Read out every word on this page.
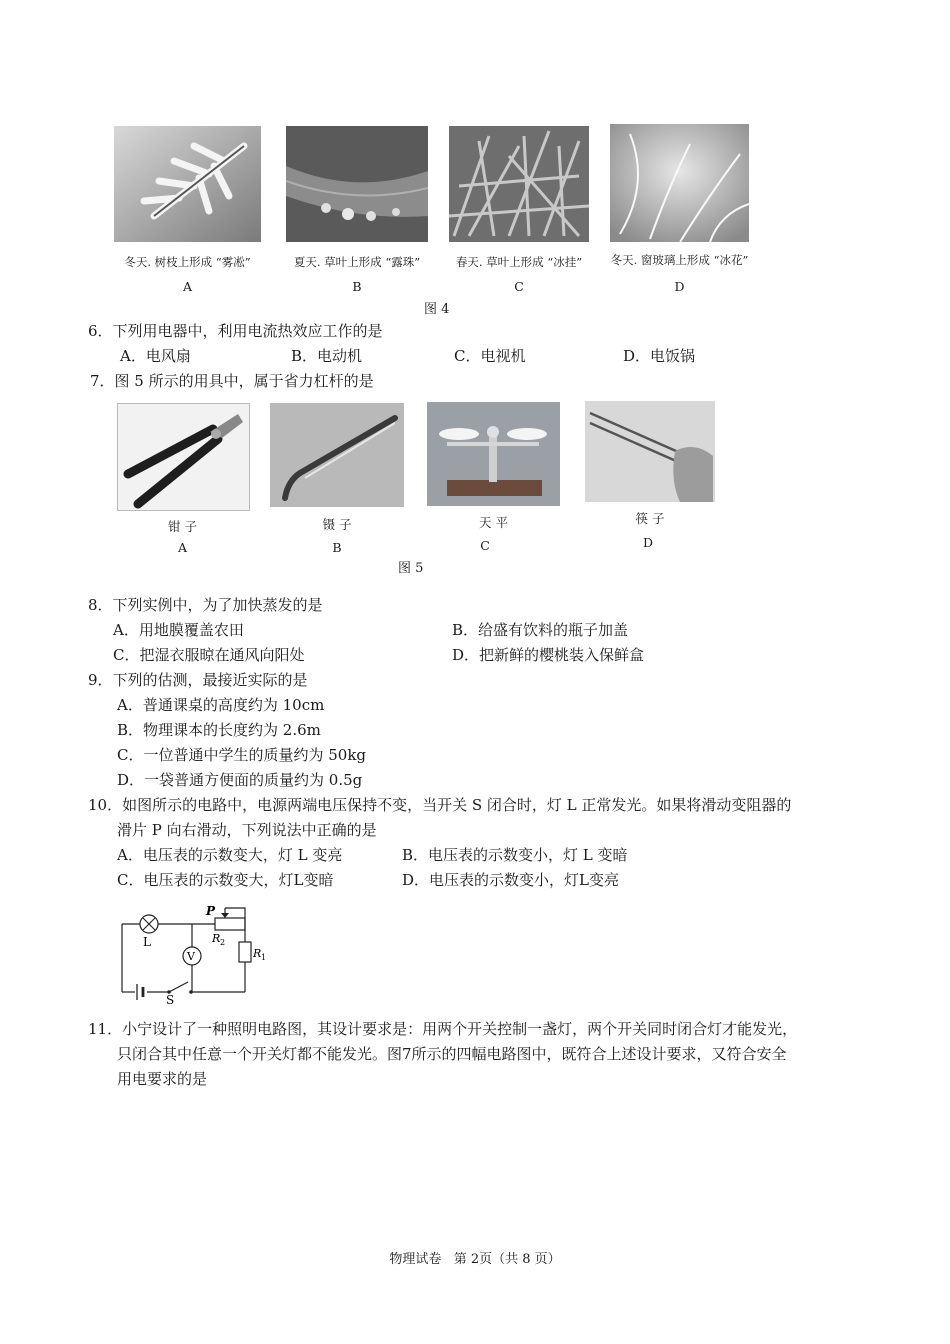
冬天. 树枝上形成 “雾凇”	夏天. 草叶上形成 “露珠”	春天. 草叶上形成 “冰挂”	冬天. 窗玻璃上形成 “冰花”
A	B	C	D
图 4
6．下列用电器中，利用电流热效应工作的是
A．电风扇	B．电动机	C．电视机	D．电饭锅
7．图 5 所示的用具中，属于省力杠杆的是
钳 子	镊 子	天 平	筷 子
A	B	C	D
图 5
8．下列实例中，为了加快蒸发的是
A．用地膜覆盖农田	B．给盛有饮料的瓶子加盖
C．把湿衣服晾在通风向阳处	D．把新鲜的樱桃装入保鲜盒
9．下列的估测，最接近实际的是
A．普通课桌的高度约为 10cm
B．物理课本的长度约为 2.6m
C．一位普通中学生的质量约为 50kg
D．一袋普通方便面的质量约为 0.5g
10．如图所示的电路中，电源两端电压保持不变，当开关 S 闭合时，灯 L 正常发光。如果将滑动变阻器的
滑片 P 向右滑动，下列说法中正确的是
A．电压表的示数变大，灯 L 变亮	B．电压表的示数变小，灯 L 变暗
C．电压表的示数变大，灯L变暗	D．电压表的示数变小，灯L变亮
P
L
V
R 2
R 1
S
11．小宁设计了一种照明电路图，其设计要求是：用两个开关控制一盏灯，两个开关同时闭合灯才能发光，
只闭合其中任意一个开关灯都不能发光。图7所示的四幅电路图中，既符合上述设计要求，又符合安全
用电要求的是
物理试卷   第 2页（共 8 页）
